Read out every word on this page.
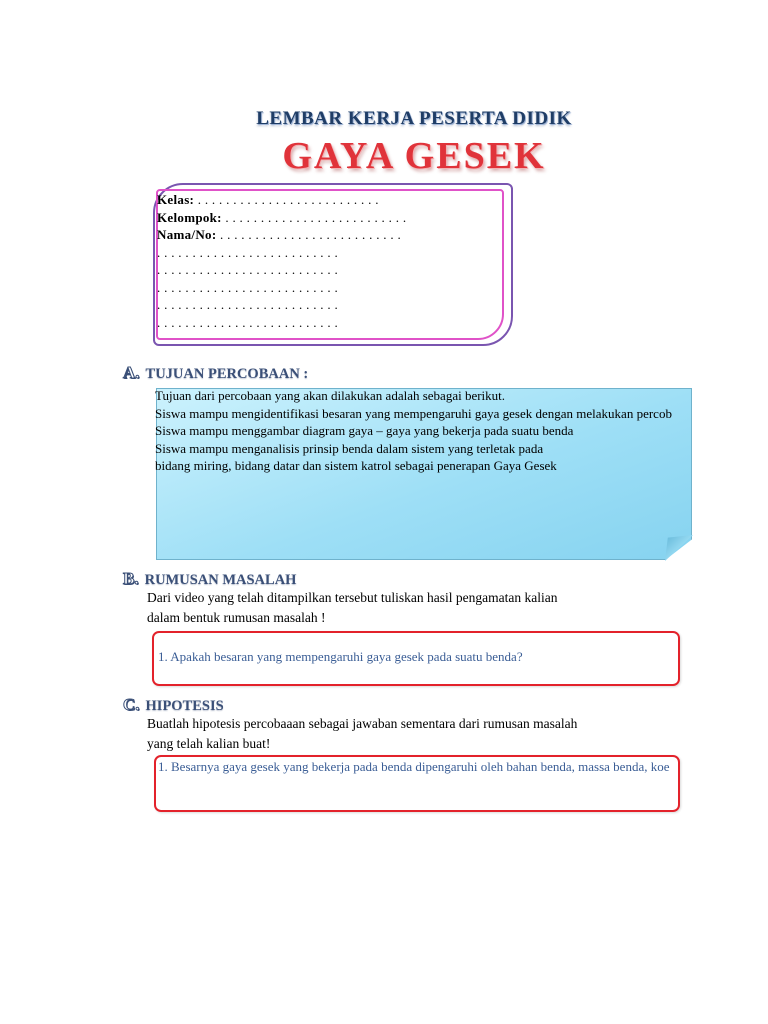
LEMBAR KERJA PESERTA DIDIK
GAYA GESEK
Kelas: . . . . . . . . . . . . . . . . . . . . . . . . . .
Kelompok: . . . . . . . . . . . . . . . . . . . . . . . . . .
Nama/No: . . . . . . . . . . . . . . . . . . . . . . . . . .
. . . . . . . . . . . . . . . . . . . . . . . . . .
. . . . . . . . . . . . . . . . . . . . . . . . . .
. . . . . . . . . . . . . . . . . . . . . . . . . .
. . . . . . . . . . . . . . . . . . . . . . . . . .
. . . . . . . . . . . . . . . . . . . . . . . . . .
A. TUJUAN PERCOBAAN :
Tujuan dari percobaan yang akan dilakukan adalah sebagai berikut.
Siswa mampu mengidentifikasi besaran yang mempengaruhi gaya gesek dengan melakukan percob
Siswa mampu menggambar diagram gaya – gaya yang bekerja pada suatu benda
Siswa mampu menganalisis prinsip benda dalam sistem yang terletak pada
bidang miring, bidang datar dan sistem katrol sebagai penerapan Gaya Gesek
B. RUMUSAN MASALAH
Dari video yang telah ditampilkan tersebut tuliskan hasil pengamatan kalian
dalam bentuk rumusan masalah !
1. Apakah besaran yang mempengaruhi gaya gesek pada suatu benda?
C. HIPOTESIS
Buatlah hipotesis percobaaan sebagai jawaban sementara dari rumusan masalah
yang telah kalian buat!
1. Besarnya gaya gesek yang bekerja pada benda dipengaruhi oleh bahan benda, massa benda, koe
